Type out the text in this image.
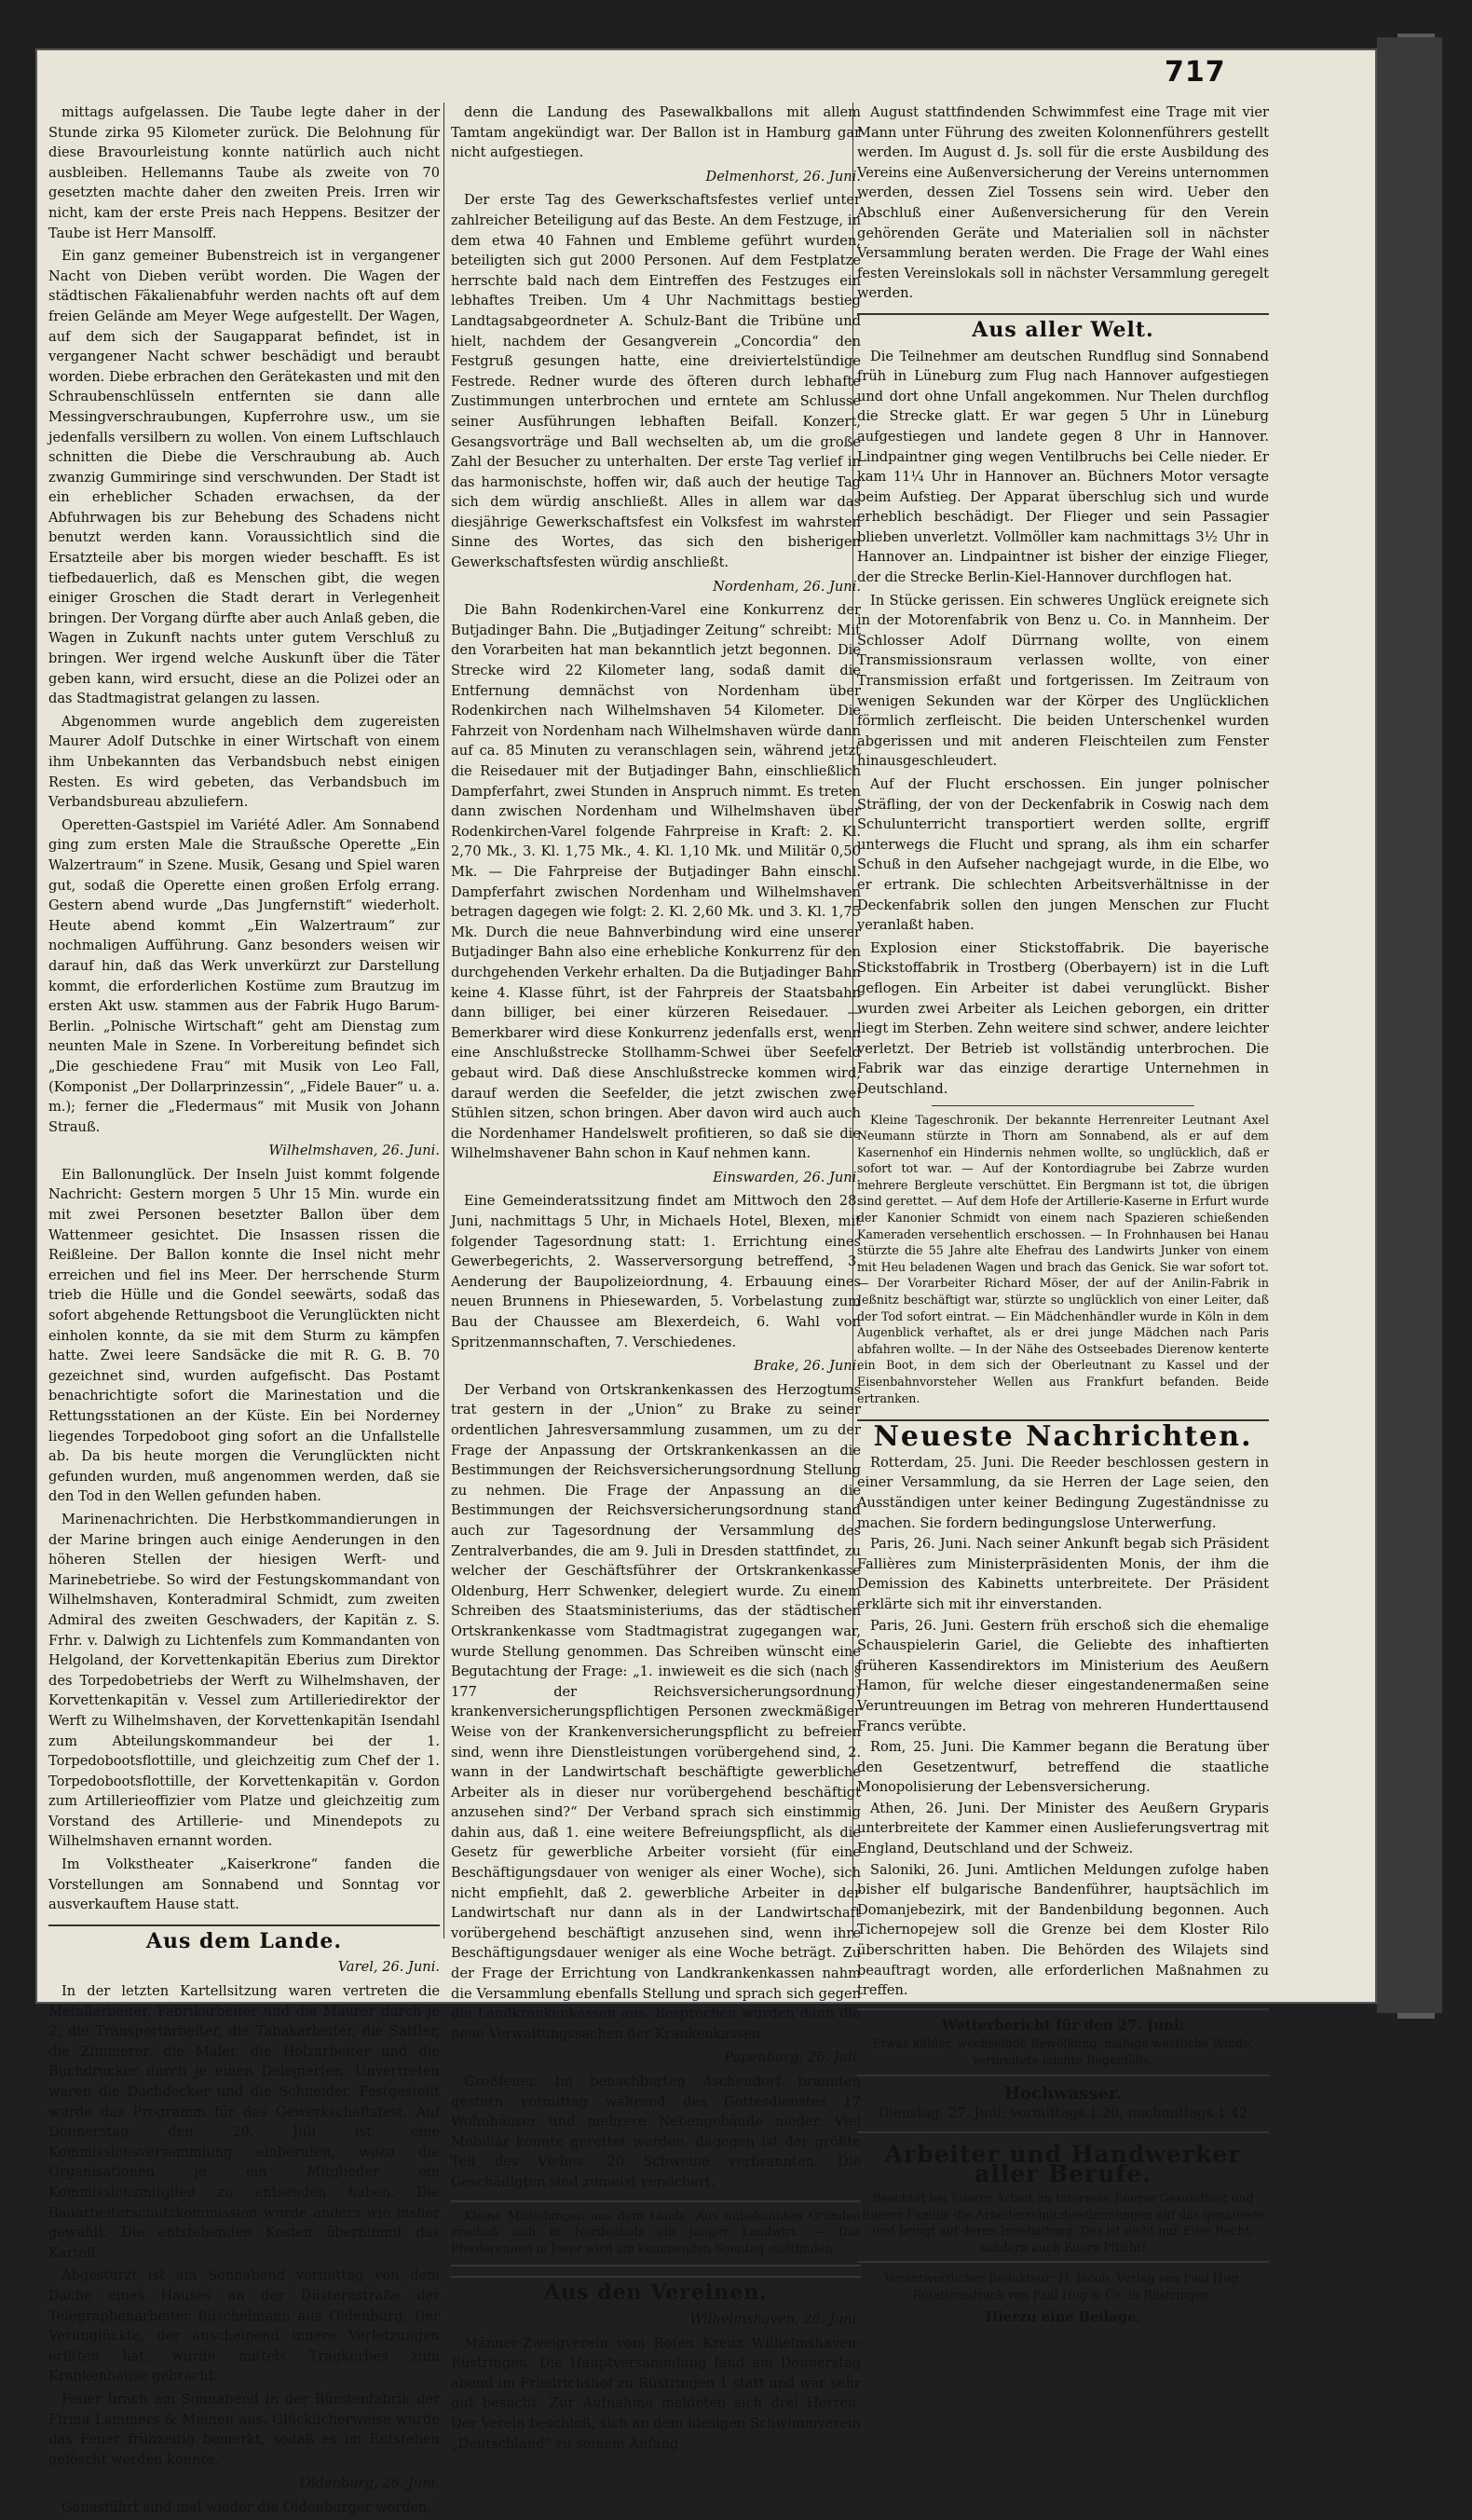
717

mittags aufgelassen. Die Taube legte daher in der Stunde zirka 95 Kilometer zurück. Die Belohnung für diese Bravourleistung konnte natürlich auch nicht ausbleiben. Hellemanns Taube als zweite von 70 gesetzten machte daher den zweiten Preis. Irren wir nicht, kam der erste Preis nach Heppens. Besitzer der Taube ist Herr Mansolff.

Ein ganz gemeiner Bubenstreich ist in vergangener Nacht von Dieben verübt worden. Die Wagen der städtischen Fäkalienabfuhr werden nachts oft auf dem freien Gelände am Meyer Wege aufgestellt. Der Wagen, auf dem sich der Saugapparat befindet, ist in vergangener Nacht schwer beschädigt und beraubt worden. Diebe erbrachen den Gerätekasten und mit den Schraubenschlüsseln entfernten sie dann alle Messingverschraubungen, Kupferrohre usw., um sie jedenfalls versilbern zu wollen. Von einem Luftschlauch schnitten die Diebe die Verschraubung ab. Auch zwanzig Gummiringe sind verschwunden. Der Stadt ist ein erheblicher Schaden erwachsen, da der Abfuhrwagen bis zur Behebung des Schadens nicht benutzt werden kann. Voraussichtlich sind die Ersatzteile aber bis morgen wieder beschafft. Es ist tiefbedauerlich, daß es Menschen gibt, die wegen einiger Groschen die Stadt derart in Verlegenheit bringen. Der Vorgang dürfte aber auch Anlaß geben, die Wagen in Zukunft nachts unter gutem Verschluß zu bringen. Wer irgend welche Auskunft über die Täter geben kann, wird ersucht, diese an die Polizei oder an das Stadtmagistrat gelangen zu lassen.

Abgenommen wurde angeblich dem zugereisten Maurer Adolf Dutschke in einer Wirtschaft von einem ihm Unbekannten das Verbandsbuch nebst einigen Resten. Es wird gebeten, das Verbandsbuch im Verbandsbureau abzuliefern.

Operetten-Gastspiel im Variété Adler. Am Sonnabend ging zum ersten Male die Straußsche Operette „Ein Walzertraum“ in Szene. Musik, Gesang und Spiel waren gut, sodaß die Operette einen großen Erfolg errang. Gestern abend wurde „Das Jungfernstift“ wiederholt. Heute abend kommt „Ein Walzertraum“ zur nochmaligen Aufführung. Ganz besonders weisen wir darauf hin, daß das Werk unverkürzt zur Darstellung kommt, die erforderlichen Kostüme zum Brautzug im ersten Akt usw. stammen aus der Fabrik Hugo Barum-Berlin. „Polnische Wirtschaft“ geht am Dienstag zum neunten Male in Szene. In Vorbereitung befindet sich „Die geschiedene Frau“ mit Musik von Leo Fall, (Komponist „Der Dollarprinzessin“, „Fidele Bauer“ u. a. m.); ferner die „Fledermaus“ mit Musik von Johann Strauß.

Wilhelmshaven, 26. Juni.

Ein Ballonunglück. Der Inseln Juist kommt folgende Nachricht: Gestern morgen 5 Uhr 15 Min. wurde ein mit zwei Personen besetzter Ballon über dem Wattenmeer gesichtet. Die Insassen rissen die Reißleine. Der Ballon konnte die Insel nicht mehr erreichen und fiel ins Meer. Der herrschende Sturm trieb die Hülle und die Gondel seewärts, sodaß das sofort abgehende Rettungsboot die Verunglückten nicht einholen konnte, da sie mit dem Sturm zu kämpfen hatte. Zwei leere Sandsäcke die mit R. G. B. 70 gezeichnet sind, wurden aufgefischt. Das Postamt benachrichtigte sofort die Marinestation und die Rettungsstationen an der Küste. Ein bei Norderney liegendes Torpedoboot ging sofort an die Unfallstelle ab. Da bis heute morgen die Verunglückten nicht gefunden wurden, muß angenommen werden, daß sie den Tod in den Wellen gefunden haben.

Marinenachrichten. Die Herbstkommandierungen in der Marine bringen auch einige Aenderungen in den höheren Stellen der hiesigen Werft- und Marinebetriebe. So wird der Festungskommandant von Wilhelmshaven, Konteradmiral Schmidt, zum zweiten Admiral des zweiten Geschwaders, der Kapitän z. S. Frhr. v. Dalwigh zu Lichtenfels zum Kommandanten von Helgoland, der Korvettenkapitän Eberius zum Direktor des Torpedobetriebs der Werft zu Wilhelmshaven, der Korvettenkapitän v. Vessel zum Artilleriedirektor der Werft zu Wilhelmshaven, der Korvettenkapitän Isendahl zum Abteilungskommandeur bei der 1. Torpedobootsflottille, und gleichzeitig zum Chef der 1. Torpedobootsflottille, der Korvettenkapitän v. Gordon zum Artillerieoffizier vom Platze und gleichzeitig zum Vorstand des Artillerie- und Minendepots zu Wilhelmshaven ernannt worden.

Im Volkstheater „Kaiserkrone“ fanden die Vorstellungen am Sonnabend und Sonntag vor ausverkauftem Hause statt.

Aus dem Lande.
Varel, 26. Juni.

In der letzten Kartellsitzung waren vertreten die Metallarbeiter, Fabrikarbeiter und die Maurer durch je 2, die Transportarbeiter, die Tabakarbeiter, die Sattler, die Zimmerer, die Maler, die Holzarbeiter und die Buchdrucker durch je einen Delegierten. Unvertreten waren die Dachdecker und die Schneider. Festgestellt wurde das Programm für das Gewerkschaftsfest. Auf Donnerstag den 20. Juli ist eine Kommissionsversammlung einberufen, wozu die Organisationen je ein Mitglieder ein Kommissionsmitglied zu entsenden haben. Die Bauarbeiterschutzkommission wurde anders wie bisher gewählt. Die entstehenden Kosten übernimmt das Kartell.

Abgestürzt ist am Sonnabend vormittag von dem Dache eines Hauses an der Düsternstraße der Telegraphenarbeiter Büschelmann aus Oldenburg. Der Verunglückte, der anscheinend innere Verletzungen erlitten hat, wurde mittels Tragkorbes zum Krankenhause gebracht.

Feuer brach am Sonnabend in der Bürstenfabrik der Firma Lammers & Meinen aus. Glücklicherweise wurde das Feuer frühzeitig bemerkt, sodaß es im Entstehen gelöscht werden konnte.

Oldenburg, 26. Juni.

Genasführt sind mal wieder die Oldenburger worden,

denn die Landung des Pasewalkballons mit allem Tamtam angekündigt war. Der Ballon ist in Hamburg gar nicht aufgestiegen.

Delmenhorst, 26. Juni.

Der erste Tag des Gewerkschaftsfestes verlief unter zahlreicher Beteiligung auf das Beste. An dem Festzuge, in dem etwa 40 Fahnen und Embleme geführt wurden, beteiligten sich gut 2000 Personen. Auf dem Festplatze herrschte bald nach dem Eintreffen des Festzuges ein lebhaftes Treiben. Um 4 Uhr Nachmittags bestieg Landtagsabgeordneter A. Schulz-Bant die Tribüne und hielt, nachdem der Gesangverein „Concordia“ den Festgruß gesungen hatte, eine dreiviertelstündige Festrede. Redner wurde des öfteren durch lebhafte Zustimmungen unterbrochen und erntete am Schlusse seiner Ausführungen lebhaften Beifall. Konzert, Gesangsvorträge und Ball wechselten ab, um die große Zahl der Besucher zu unterhalten. Der erste Tag verlief in das harmonischste, hoffen wir, daß auch der heutige Tag sich dem würdig anschließt. Alles in allem war das diesjährige Gewerkschaftsfest ein Volksfest im wahrsten Sinne des Wortes, das sich den bisherigen Gewerkschaftsfesten würdig anschließt.

Nordenham, 26. Juni.

Die Bahn Rodenkirchen-Varel eine Konkurrenz der Butjadinger Bahn. Die „Butjadinger Zeitung“ schreibt: Mit den Vorarbeiten hat man bekanntlich jetzt begonnen. Die Strecke wird 22 Kilometer lang, sodaß damit die Entfernung demnächst von Nordenham über Rodenkirchen nach Wilhelmshaven 54 Kilometer. Die Fahrzeit von Nordenham nach Wilhelmshaven würde dann auf ca. 85 Minuten zu veranschlagen sein, während jetzt die Reisedauer mit der Butjadinger Bahn, einschließlich Dampferfahrt, zwei Stunden in Anspruch nimmt. Es treten dann zwischen Nordenham und Wilhelmshaven über Rodenkirchen-Varel folgende Fahrpreise in Kraft: 2. Kl. 2,70 Mk., 3. Kl. 1,75 Mk., 4. Kl. 1,10 Mk. und Militär 0,50 Mk. — Die Fahrpreise der Butjadinger Bahn einschl. Dampferfahrt zwischen Nordenham und Wilhelmshaven betragen dagegen wie folgt: 2. Kl. 2,60 Mk. und 3. Kl. 1,75 Mk. Durch die neue Bahnverbindung wird eine unserer Butjadinger Bahn also eine erhebliche Konkurrenz für den durchgehenden Verkehr erhalten. Da die Butjadinger Bahn keine 4. Klasse führt, ist der Fahrpreis der Staatsbahn dann billiger, bei einer kürzeren Reisedauer. — Bemerkbarer wird diese Konkurrenz jedenfalls erst, wenn eine Anschlußstrecke Stollhamm-Schwei über Seefeld gebaut wird. Daß diese Anschlußstrecke kommen wird, darauf werden die Seefelder, die jetzt zwischen zwei Stühlen sitzen, schon bringen. Aber davon wird auch auch die Nordenhamer Handelswelt profitieren, so daß sie die Wilhelmshavener Bahn schon in Kauf nehmen kann.

Einswarden, 26. Juni.

Eine Gemeinderatssitzung findet am Mittwoch den 28. Juni, nachmittags 5 Uhr, in Michaels Hotel, Blexen, mit folgender Tagesordnung statt: 1. Errichtung eines Gewerbegerichts, 2. Wasserversorgung betreffend, 3. Aenderung der Baupolizeiordnung, 4. Erbauung eines neuen Brunnens in Phiesewarden, 5. Vorbelastung zum Bau der Chaussee am Blexerdeich, 6. Wahl von Spritzenmannschaften, 7. Verschiedenes.

Brake, 26. Juni.

Der Verband von Ortskrankenkassen des Herzogtums trat gestern in der „Union“ zu Brake zu seiner ordentlichen Jahresversammlung zusammen, um zu der Frage der Anpassung der Ortskrankenkassen an die Bestimmungen der Reichsversicherungsordnung Stellung zu nehmen. Die Frage der Anpassung an die Bestimmungen der Reichsversicherungsordnung stand auch zur Tagesordnung der Versammlung des Zentralverbandes, die am 9. Juli in Dresden stattfindet, zu welcher der Geschäftsführer der Ortskrankenkasse Oldenburg, Herr Schwenker, delegiert wurde. Zu einem Schreiben des Staatsministeriums, das der städtischen Ortskrankenkasse vom Stadtmagistrat zugegangen war, wurde Stellung genommen. Das Schreiben wünscht eine Begutachtung der Frage: „1. inwieweit es die sich (nach § 177 der Reichsversicherungsordnung) krankenversicherungspflichtigen Personen zweckmäßiger Weise von der Krankenversicherungspflicht zu befreien sind, wenn ihre Dienstleistungen vorübergehend sind, 2. wann in der Landwirtschaft beschäftigte gewerbliche Arbeiter als in dieser nur vorübergehend beschäftigt anzusehen sind?“ Der Verband sprach sich einstimmig dahin aus, daß 1. eine weitere Befreiungspflicht, als die Gesetz für gewerbliche Arbeiter vorsieht (für eine Beschäftigungsdauer von weniger als einer Woche), sich nicht empfiehlt, daß 2. gewerbliche Arbeiter in der Landwirtschaft nur dann als in der Landwirtschaft vorübergehend beschäftigt anzusehen sind, wenn ihre Beschäftigungsdauer weniger als eine Woche beträgt. Zu der Frage der Errichtung von Landkrankenkassen nahm die Versammlung ebenfalls Stellung und sprach sich gegen die Landkrankenkassen aus. Besprochen wurden dann die neue Verwaltungssachen der Krankenkassen.

Papenburg, 26. Juli.

Großfeuer. Im benachbarten Aschendorf brannten gestern vormittag während des Gottesdienstes 17 Wohnhäuser und mehrere Nebengebäude nieder. Viel Mobiliar konnte gerettet werden, dagegen ist der größte Teil des Viehes. 20 Schweine verbrannten. Die Geschädigten sind zumeist versichert.

Kleine Mitteilungen aus dem Lande. Aus unbekannten Gründen erschoß sich in Nordenholz ein junger Landwirt. — Das Pferderennen in Jever wird am kommenden Sonntag stattfinden.

Aus den Vereinen.
Wilhelmshaven, 26. Juni.

Männer-Zweigverein vom Roten Kreuz Wilhelmshaven-Rüstringen. Die Hauptversammlung fand am Donnerstag abend im Friedrichshof zu Rüstringen 1 statt und war sehr gut besucht. Zur Aufnahme meldeten sich drei Herren. Der Verein beschloß, sich an dem hiesigen Schwimmverein „Deutschland“ zu seinem Anfang

August stattfindenden Schwimmfest eine Trage mit vier Mann unter Führung des zweiten Kolonnenführers gestellt werden. Im August d. Js. soll für die erste Ausbildung des Vereins eine Außenversicherung der Vereins unternommen werden, dessen Ziel Tossens sein wird. Ueber den Abschluß einer Außenversicherung für den Verein gehörenden Geräte und Materialien soll in nächster Versammlung beraten werden. Die Frage der Wahl eines festen Vereinslokals soll in nächster Versammlung geregelt werden.

Aus aller Welt.

Die Teilnehmer am deutschen Rundflug sind Sonnabend früh in Lüneburg zum Flug nach Hannover aufgestiegen und dort ohne Unfall angekommen. Nur Thelen durchflog die Strecke glatt. Er war gegen 5 Uhr in Lüneburg aufgestiegen und landete gegen 8 Uhr in Hannover. Lindpaintner ging wegen Ventilbruchs bei Celle nieder. Er kam 11¼ Uhr in Hannover an. Büchners Motor versagte beim Aufstieg. Der Apparat überschlug sich und wurde erheblich beschädigt. Der Flieger und sein Passagier blieben unverletzt. Vollmöller kam nachmittags 3½ Uhr in Hannover an. Lindpaintner ist bisher der einzige Flieger, der die Strecke Berlin-Kiel-Hannover durchflogen hat.

In Stücke gerissen. Ein schweres Unglück ereignete sich in der Motorenfabrik von Benz u. Co. in Mannheim. Der Schlosser Adolf Dürrnang wollte, von einem Transmissionsraum verlassen wollte, von einer Transmission erfaßt und fortgerissen. Im Zeitraum von wenigen Sekunden war der Körper des Unglücklichen förmlich zerfleischt. Die beiden Unterschenkel wurden abgerissen und mit anderen Fleischteilen zum Fenster hinausgeschleudert.

Auf der Flucht erschossen. Ein junger polnischer Sträfling, der von der Deckenfabrik in Coswig nach dem Schulunterricht transportiert werden sollte, ergriff unterwegs die Flucht und sprang, als ihm ein scharfer Schuß in den Aufseher nachgejagt wurde, in die Elbe, wo er ertrank. Die schlechten Arbeitsverhältnisse in der Deckenfabrik sollen den jungen Menschen zur Flucht veranlaßt haben.

Explosion einer Stickstoffabrik. Die bayerische Stickstoffabrik in Trostberg (Oberbayern) ist in die Luft geflogen. Ein Arbeiter ist dabei verunglückt. Bisher wurden zwei Arbeiter als Leichen geborgen, ein dritter liegt im Sterben. Zehn weitere sind schwer, andere leichter verletzt. Der Betrieb ist vollständig unterbrochen. Die Fabrik war das einzige derartige Unternehmen in Deutschland.

Kleine Tageschronik. Der bekannte Herrenreiter Leutnant Axel Neumann stürzte in Thorn am Sonnabend, als er auf dem Kasernenhof ein Hindernis nehmen wollte, so unglücklich, daß er sofort tot war. — Auf der Kontordiagrube bei Zabrze wurden mehrere Bergleute verschüttet. Ein Bergmann ist tot, die übrigen sind gerettet. — Auf dem Hofe der Artillerie-Kaserne in Erfurt wurde der Kanonier Schmidt von einem nach Spazieren schießenden Kameraden versehentlich erschossen. — In Frohnhausen bei Hanau stürzte die 55 Jahre alte Ehefrau des Landwirts Junker von einem mit Heu beladenen Wagen und brach das Genick. Sie war sofort tot. — Der Vorarbeiter Richard Möser, der auf der Anilin-Fabrik in Jeßnitz beschäftigt war, stürzte so unglücklich von einer Leiter, daß der Tod sofort eintrat. — Ein Mädchenhändler wurde in Köln in dem Augenblick verhaftet, als er drei junge Mädchen nach Paris abfahren wollte. — In der Nähe des Ostseebades Dierenow kenterte ein Boot, in dem sich der Oberleutnant zu Kassel und der Eisenbahnvorsteher Wellen aus Frankfurt befanden. Beide ertranken.

Neueste Nachrichten.

Rotterdam, 25. Juni. Die Reeder beschlossen gestern in einer Versammlung, da sie Herren der Lage seien, den Ausständigen unter keiner Bedingung Zugeständnisse zu machen. Sie fordern bedingungslose Unterwerfung.

Paris, 26. Juni. Nach seiner Ankunft begab sich Präsident Fallières zum Ministerpräsidenten Monis, der ihm die Demission des Kabinetts unterbreitete. Der Präsident erklärte sich mit ihr einverstanden.

Paris, 26. Juni. Gestern früh erschoß sich die ehemalige Schauspielerin Gariel, die Geliebte des inhaftierten früheren Kassendirektors im Ministerium des Aeußern Hamon, für welche dieser eingestandenermaßen seine Veruntreuungen im Betrag von mehreren Hunderttausend Francs verübte.

Rom, 25. Juni. Die Kammer begann die Beratung über den Gesetzentwurf, betreffend die staatliche Monopolisierung der Lebensversicherung.

Athen, 26. Juni. Der Minister des Aeußern Gryparis unterbreitete der Kammer einen Auslieferungsvertrag mit England, Deutschland und der Schweiz.

Saloniki, 26. Juni. Amtlichen Meldungen zufolge haben bisher elf bulgarische Bandenführer, hauptsächlich im Domanjebezirk, mit der Bandenbildung begonnen. Auch Tichernopejew soll die Grenze bei dem Kloster Rilo überschritten haben. Die Behörden des Wilajets sind beauftragt worden, alle erforderlichen Maßnahmen zu treffen.

Wetterbericht für den 27. Juni:
Etwas kühler, wechselnde Bewölkung, mäßige westliche Winde, verbreitete leichte Regenfälle.
Hochwasser.
Dienstag, 27. Juni: vormittags 1.20, nachmittags 1.42
Arbeiter und Handwerker aller Berufe.
Beachtet bei Euerer Arbeit im Interesse Euerer Gesundheit und Euerer Familie die Arbeiterschutzbestimmungen auf das genaueste und bringt auf deren Innehaltung. Das ist nicht nur Euer Recht, sondern auch Euere Pflicht!
Verantwortlicher Redakteur: H. Jacob, Verlag von Paul Hug, Rotationsdruck von Paul Hug & Co. in Rüstringen.
Hierzu eine Beilage.
